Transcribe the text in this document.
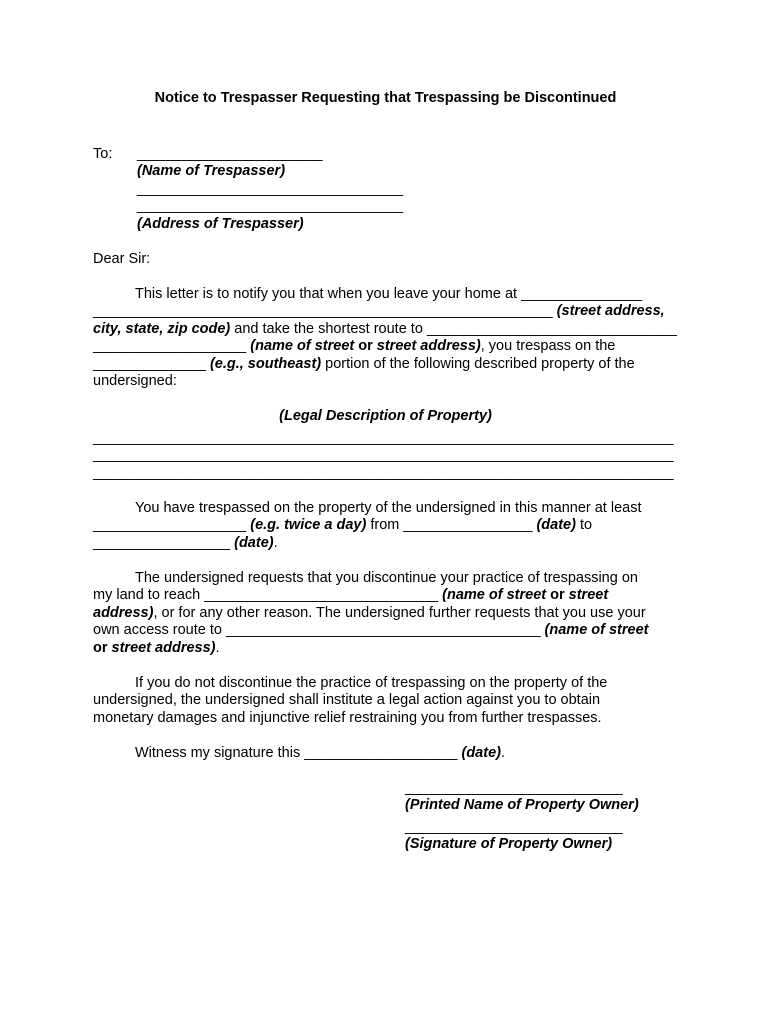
Notice to Trespasser Requesting that Trespassing be Discontinued
To: _______________________
(Name of Trespasser)
_________________________________
_________________________________
(Address of Trespasser)
Dear Sir:
This letter is to notify you that when you leave your home at _______________
_________________________________________________________ (street address,
city, state, zip code) and take the shortest route to _______________________________
___________________ (name of street or street address), you trespass on the
______________ (e.g., southeast) portion of the following described property of the
undersigned:
(Legal Description of Property)
________________________________________________________________________
________________________________________________________________________
________________________________________________________________________
You have trespassed on the property of the undersigned in this manner at least
___________________ (e.g. twice a day) from ________________ (date) to
_________________ (date).
The undersigned requests that you discontinue your practice of trespassing on
my land to reach _____________________________ (name of street or street
address), or for any other reason. The undersigned further requests that you use your
own access route to _______________________________________ (name of street
or street address).
If you do not discontinue the practice of trespassing on the property of the
undersigned, the undersigned shall institute a legal action against you to obtain
monetary damages and injunctive relief restraining you from further trespasses.
Witness my signature this ___________________ (date).
___________________________
(Printed Name of Property Owner)
___________________________
(Signature of Property Owner)
